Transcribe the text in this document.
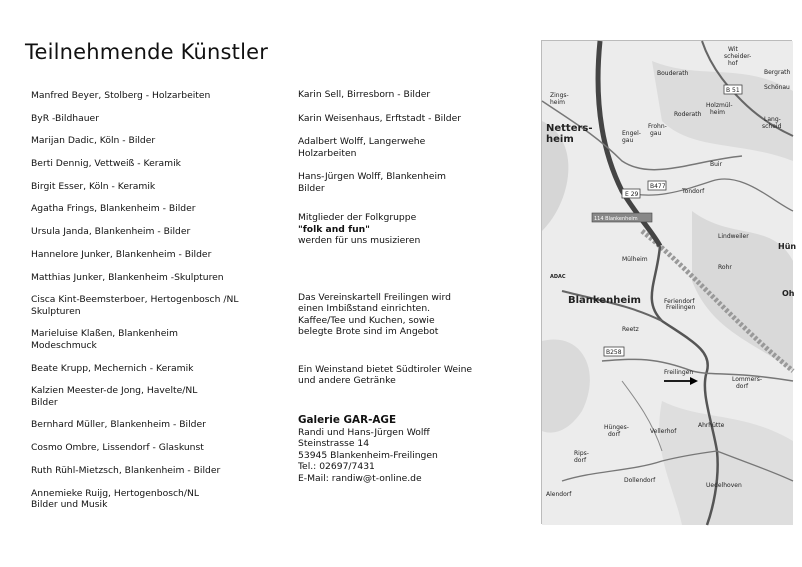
Teilnehmende Künstler
Manfred Beyer, Stolberg - Holzarbeiten
ByR -Bildhauer
Marijan Dadic, Köln - Bilder
Berti Dennig, Vettweiß - Keramik
Birgit Esser, Köln - Keramik
Agatha Frings, Blankenheim - Bilder
Ursula Janda, Blankenheim - Bilder
Hannelore Junker, Blankenheim - Bilder
Matthias Junker, Blankenheim -Skulpturen
Cisca Kint-Beemsterboer, Hertogenbosch /NL
Skulpturen
Marieluise Klaßen, Blankenheim
Modeschmuck
Beate Krupp, Mechernich - Keramik
Kalzien Meester-de Jong, Havelte/NL
Bilder
Bernhard Müller, Blankenheim - Bilder
Cosmo Ombre, Lissendorf - Glaskunst
Ruth Rühl-Mietzsch, Blankenheim - Bilder
Annemieke Ruijg, Hertogenbosch/NL
Bilder und Musik
Karin Sell, Birresborn - Bilder
Karin Weisenhaus, Erftstadt - Bilder
Adalbert Wolff, Langerwehe
Holzarbeiten
Hans-Jürgen Wolff, Blankenheim
Bilder
Mitglieder der Folkgruppe
"folk and fun"
werden für uns musizieren
Das Vereinskartell Freilingen wird
einen Imbißstand einrichten.
Kaffee/Tee und Kuchen, sowie
belegte Brote sind im Angebot
Ein Weinstand bietet Südtiroler Weine
und andere Getränke
Galerie GAR-AGE
Randi und Hans-Jürgen Wolff
Steinstrasse 14
53945 Blankenheim-Freilingen
Tel.: 02697/7431
E-Mail: randiw@t-online.de
Netters-
heim
Blankenheim
Zings-
heim
Engel-
gau
Bouderath	Bergrath
Schönau
Wit
scheider-
hof
Frohn-
gau
Roderath
Holzmül-
heim
Lang-
scheid
Buir
Tondorf
Lindweiler
Hün
Mülheim
Rohr
Oh
ADAC
Feriendorf
Freilingen
Reetz
Freilingen
Lommers-
dorf
Hünges-
dorf	Vellerhof
Ahrhütte
Rips-
dorf
Dollendorf
Alendorf
Uedelhoven
B 51
B477
E 29
B258
114 Blankenheim
